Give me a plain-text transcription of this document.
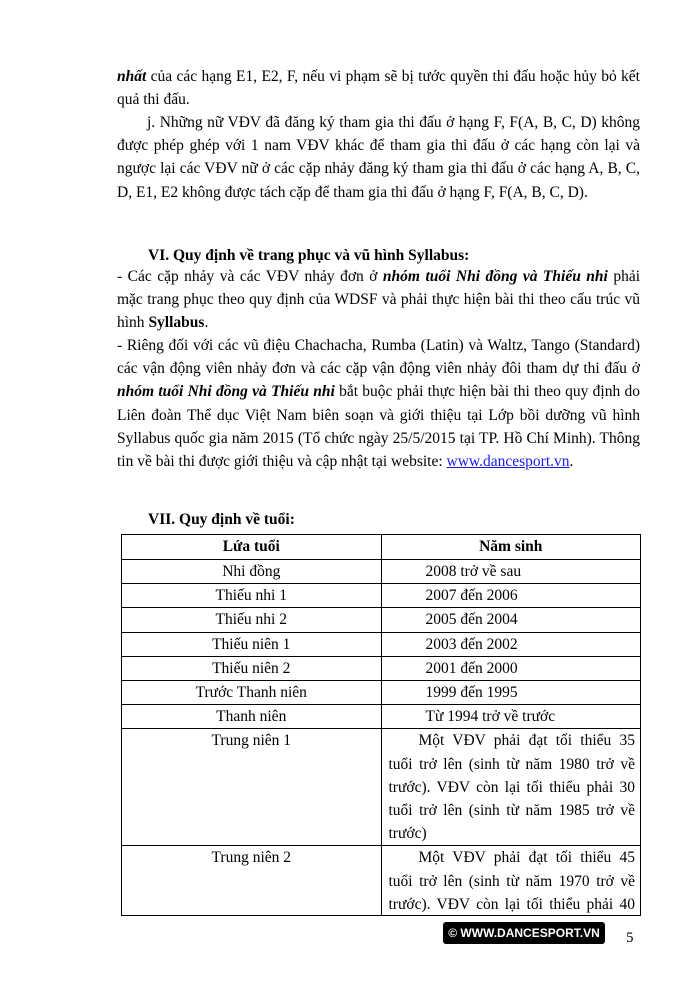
nhất của các hạng E1, E2, F, nếu vi phạm sẽ bị tước quyền thi đấu hoặc hủy bỏ kết quả thi đấu.

j. Những nữ VĐV đã đăng ký tham gia thi đấu ở hạng F, F(A, B, C, D) không được phép ghép với 1 nam VĐV khác để tham gia thi đấu ở các hạng còn lại và ngược lại các VĐV nữ ở các cặp nhảy đăng ký tham gia thi đấu ở các hạng A, B, C, D, E1, E2 không được tách cặp để tham gia thi đấu ở hạng F, F(A, B, C, D).

VI. Quy định về trang phục và vũ hình Syllabus:

- Các cặp nhảy và các VĐV nhảy đơn ở nhóm tuổi Nhi đồng và Thiếu nhi phải mặc trang phục theo quy định của WDSF và phải thực hiện bài thi theo cấu trúc vũ hình Syllabus.

- Riêng đối với các vũ điệu Chachacha, Rumba (Latin) và Waltz, Tango (Standard) các vận động viên nhảy đơn và các cặp vận động viên nhảy đôi tham dự thi đấu ở nhóm tuổi Nhi đồng và Thiếu nhi bắt buộc phải thực hiện bài thi theo quy định do Liên đoàn Thể dục Việt Nam biên soạn và giới thiệu tại Lớp bồi dưỡng vũ hình Syllabus quốc gia năm 2015 (Tổ chức ngày 25/5/2015 tại TP. Hồ Chí Minh). Thông tin về bài thi được giới thiệu và cập nhật tại website: www.dancesport.vn.

VII. Quy định về tuổi:

Lứa tuổi	Năm sinh
Nhi đồng	2008 trở về sau
Thiếu nhi 1	2007 đến 2006
Thiếu nhi 2	2005 đến 2004
Thiếu niên 1	2003 đến 2002
Thiếu niên 2	2001 đến 2000
Trước Thanh niên	1999 đến 1995
Thanh niên	Từ 1994 trở về trước
Trung niên 1	Một VĐV phải đạt tối thiểu 35 tuổi trở lên (sinh từ năm 1980 trở về trước). VĐV còn lại tối thiểu phải 30 tuổi trở lên (sinh từ năm 1985 trở về trước)
Trung niên 2	Một VĐV phải đạt tối thiểu 45 tuổi trở lên (sinh từ năm 1970 trở về trước). VĐV còn lại tối thiểu phải 40
© WWW.DANCESPORT.VN	5
